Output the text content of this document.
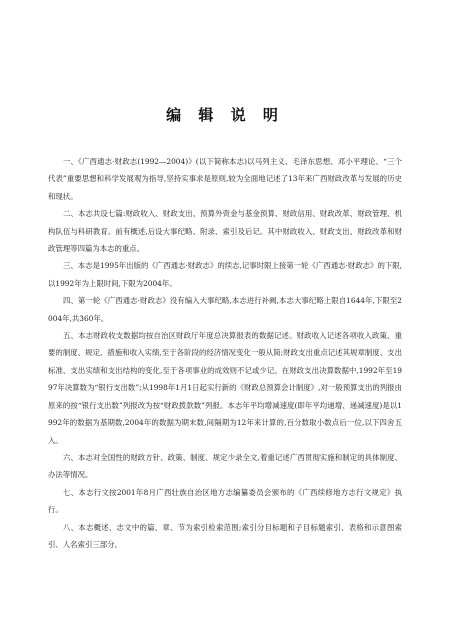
编 辑 说 明

一、《广西通志·财政志(1992—2004)》(以下简称本志)以马列主义、毛泽东思想、邓小平理论、“三个代表”重要思想和科学发展观为指导,坚持实事求是原则,较为全面地记述了13年来广西财政改革与发展的历史和现状。

二、本志共设七篇:财政收入、财政支出、预算外资金与基金预算、财政信用、财政改革、财政管理、机构队伍与科研教育。前有概述,后设大事纪略、附录、索引及后记。其中财政收入、财政支出、财政改革和财政管理等四篇为本志的重点。

三、本志是1995年出版的《广西通志·财政志》的续志,记事时限上接第一轮《广西通志·财政志》的下限,以1992年为上限时间,下限为2004年。

四、第一轮《广西通志·财政志》没有编入大事纪略,本志进行补阙,本志大事纪略上限自1644年,下限至2004年,共360年。

五、本志财政收支数据均按自治区财政厅年度总决算报表的数据记述。财政收入记述各项收入政策、重要的制度、规定、措施和收入实绩,至于各阶段的经济情况变化一般从简;财政支出重点记述其规章制度、支出标准、支出实绩和支出结构的变化,至于各项事业的成效则不记或少记。在财政支出决算数据中,1992年至1997年决算数为“银行支出数”;从1998年1月1日起实行新的《财政总预算会计制度》,对一般预算支出的列报由原来的按“银行支出数”列报改为按“财政拨款数”列报。本志年平均增减速度(即年平均递增、递减速度)是以1992年的数据为基期数,2004年的数据为期末数,间隔期为12年来计算的,百分数取小数点后一位,以下四舍五入。

六、本志对全国性的财政方针、政策、制度、规定少录全文,着重记述广西贯彻实施和制定的具体制度、办法等情况。

七、本志行文按2001年8月广西壮族自治区地方志编纂委员会颁布的《广西续修地方志行文规定》执行。

八、本志概述、志文中的篇、章、节为索引检索范围;索引分目标题和子目标题索引、表格和示意图索引、人名索引三部分。
